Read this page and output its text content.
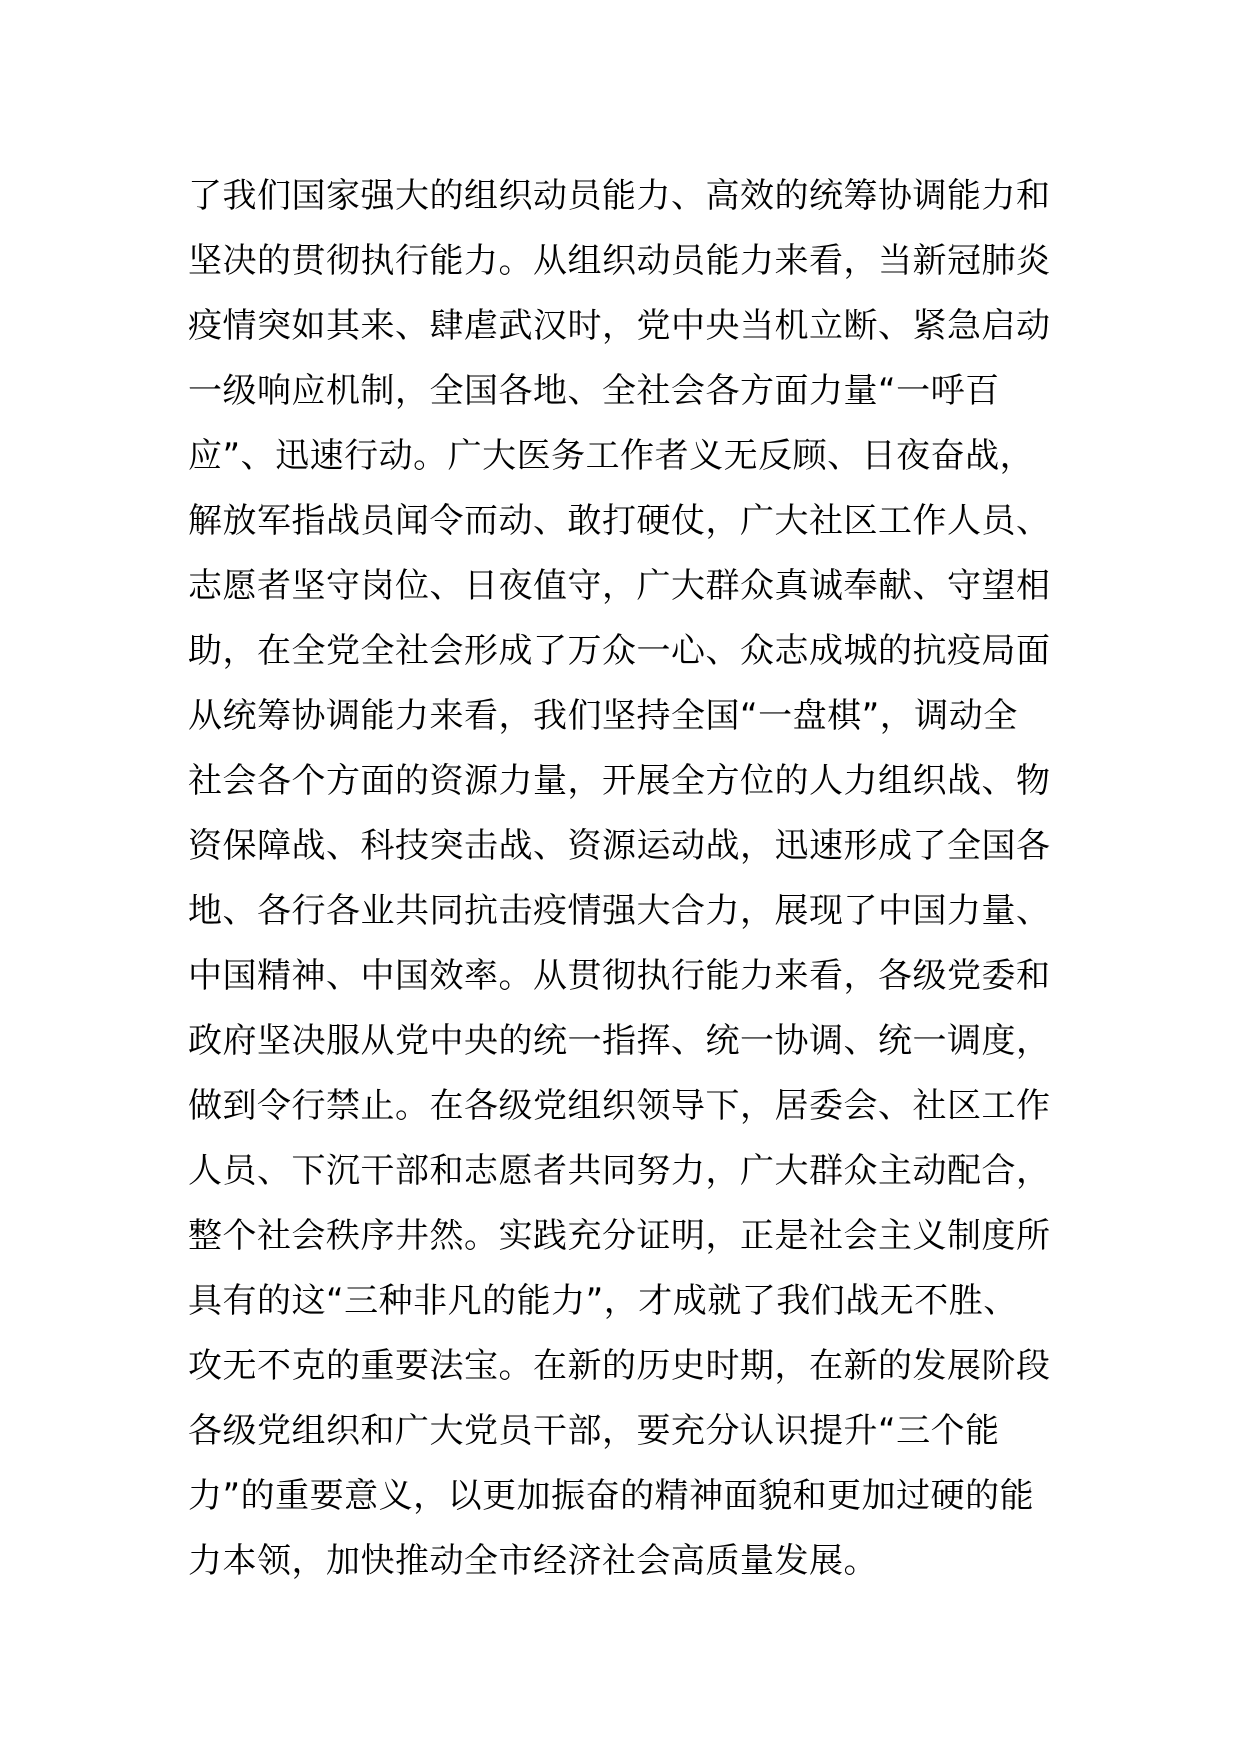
了我们国家强大的组织动员能力、高效的统筹协调能力和
坚决的贯彻执行能力。从组织动员能力来看，当新冠肺炎
疫情突如其来、肆虐武汉时，党中央当机立断、紧急启动
一级响应机制，全国各地、全社会各方面力量“一呼百
应”、迅速行动。广大医务工作者义无反顾、日夜奋战，
解放军指战员闻令而动、敢打硬仗，广大社区工作人员、
志愿者坚守岗位、日夜值守，广大群众真诚奉献、守望相
助，在全党全社会形成了万众一心、众志成城的抗疫局面
从统筹协调能力来看，我们坚持全国“一盘棋”，调动全
社会各个方面的资源力量，开展全方位的人力组织战、物
资保障战、科技突击战、资源运动战，迅速形成了全国各
地、各行各业共同抗击疫情强大合力，展现了中国力量、
中国精神、中国效率。从贯彻执行能力来看，各级党委和
政府坚决服从党中央的统一指挥、统一协调、统一调度，
做到令行禁止。在各级党组织领导下，居委会、社区工作
人员、下沉干部和志愿者共同努力，广大群众主动配合，
整个社会秩序井然。实践充分证明，正是社会主义制度所
具有的这“三种非凡的能力”，才成就了我们战无不胜、
攻无不克的重要法宝。在新的历史时期，在新的发展阶段
各级党组织和广大党员干部，要充分认识提升“三个能
力”的重要意义，以更加振奋的精神面貌和更加过硬的能
力本领，加快推动全市经济社会高质量发展。
